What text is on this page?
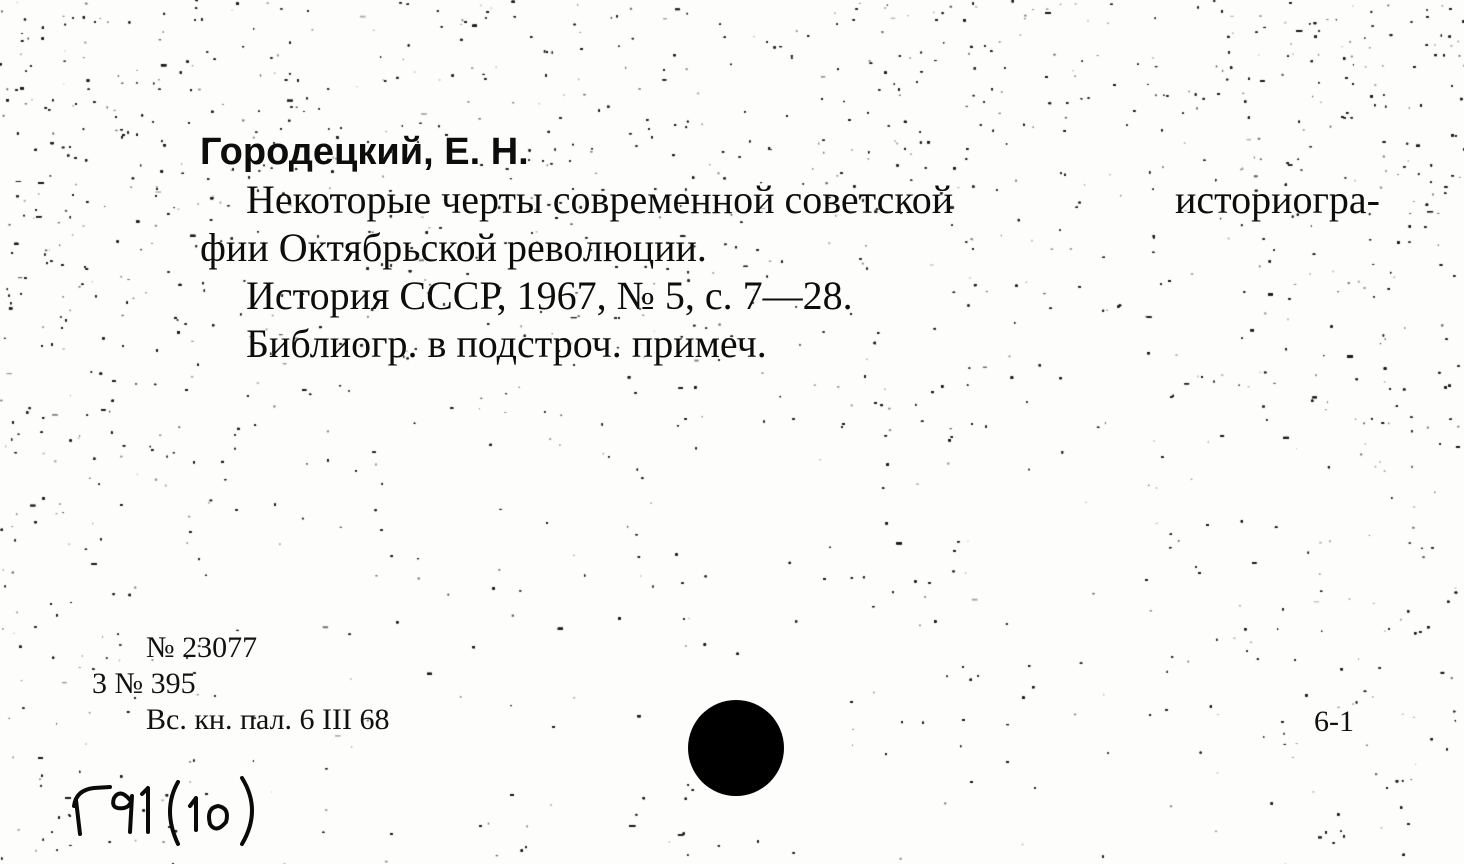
Городецкий, Е. Н.
Некоторые черты современной советской	историогра-
фии Октябрьской революции.
История СССР, 1967, № 5, с. 7—28.
Библиогр. в подстроч. примеч.
№ 23077
3 № 395
Вс. кн. пал. 6 III 68	6-1
